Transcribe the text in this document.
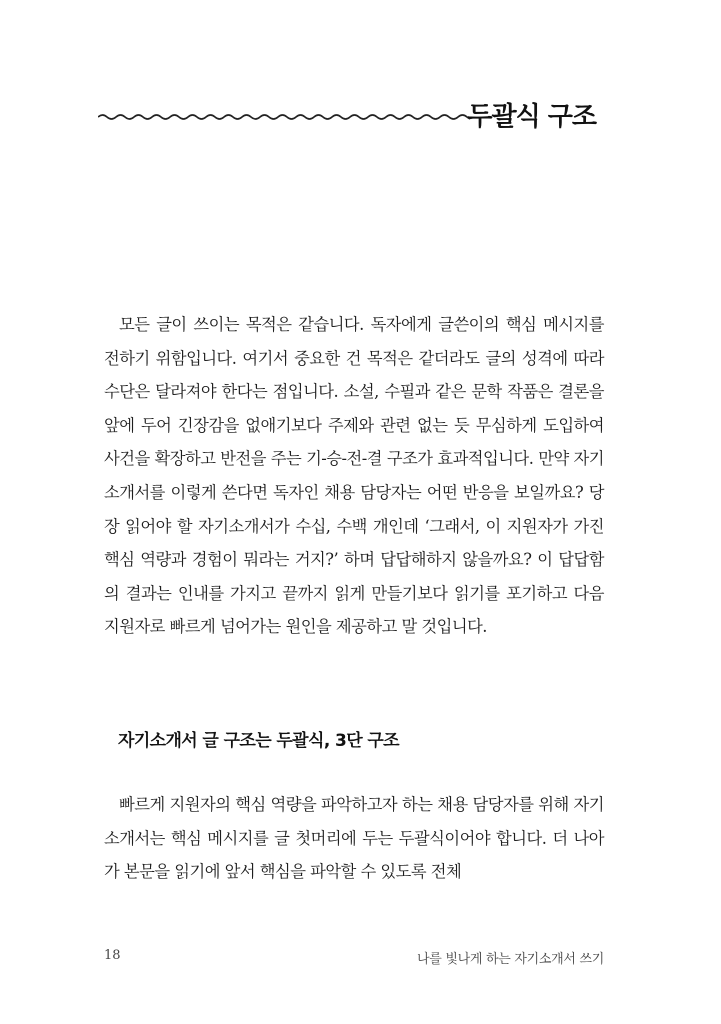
두괄식 구조
모든 글이 쓰이는 목적은 같습니다. 독자에게 글쓴이의 핵심 메시지를 전하기 위함입니다. 여기서 중요한 건 목적은 같더라도 글의 성격에 따라 수단은 달라져야 한다는 점입니다. 소설, 수필과 같은 문학 작품은 결론을 앞에 두어 긴장감을 없애기보다 주제와 관련 없는 듯 무심하게 도입하여 사건을 확장하고 반전을 주는 기-승-전-결 구조가 효과적입니다. 만약 자기소개서를 이렇게 쓴다면 독자인 채용 담당자는 어떤 반응을 보일까요? 당장 읽어야 할 자기소개서가 수십, 수백 개인데 ‘그래서, 이 지원자가 가진 핵심 역량과 경험이 뭐라는 거지?’ 하며 답답해하지 않을까요? 이 답답함의 결과는 인내를 가지고 끝까지 읽게 만들기보다 읽기를 포기하고 다음 지원자로 빠르게 넘어가는 원인을 제공하고 말 것입니다.
자기소개서 글 구조는 두괄식, 3단 구조
빠르게 지원자의 핵심 역량을 파악하고자 하는 채용 담당자를 위해 자기소개서는 핵심 메시지를 글 첫머리에 두는 두괄식이어야 합니다. 더 나아가 본문을 읽기에 앞서 핵심을 파악할 수 있도록 전체
18	나를 빛나게 하는 자기소개서 쓰기
